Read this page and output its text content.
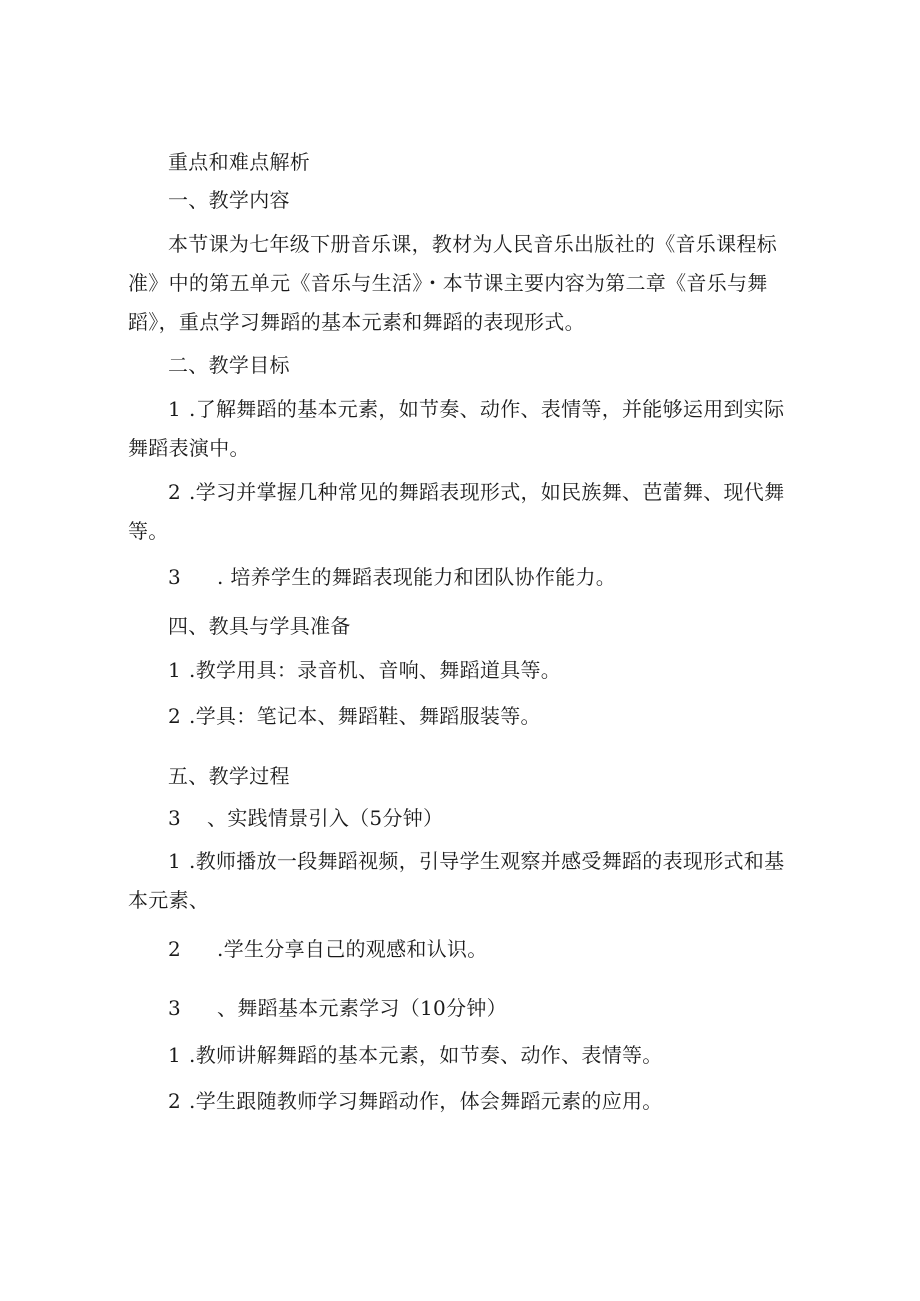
重点和难点解析
一、教学内容
本节课为七年级下册音乐课，教材为人民音乐出版社的《音乐课程标
准》中的第五单元《音乐与生活》・本节课主要内容为第二章《音乐与舞
蹈》，重点学习舞蹈的基本元素和舞蹈的表现形式。
二、教学目标
1 .了解舞蹈的基本元素，如节奏、动作、表情等，并能够运用到实际
舞蹈表演中。
2 .学习并掌握几种常见的舞蹈表现形式，如民族舞、芭蕾舞、现代舞
等。
3 . 培养学生的舞蹈表现能力和团队协作能力。
四、教具与学具准备
1 .教学用具：录音机、音响、舞蹈道具等。
2 .学具：笔记本、舞蹈鞋、舞蹈服装等。
五、教学过程
3 、实践情景引入（5分钟）
1 .教师播放一段舞蹈视频，引导学生观察并感受舞蹈的表现形式和基
本元素、
2 .学生分享自己的观感和认识。
3 、舞蹈基本元素学习（10分钟）
1 .教师讲解舞蹈的基本元素，如节奏、动作、表情等。
2 .学生跟随教师学习舞蹈动作，体会舞蹈元素的应用。
